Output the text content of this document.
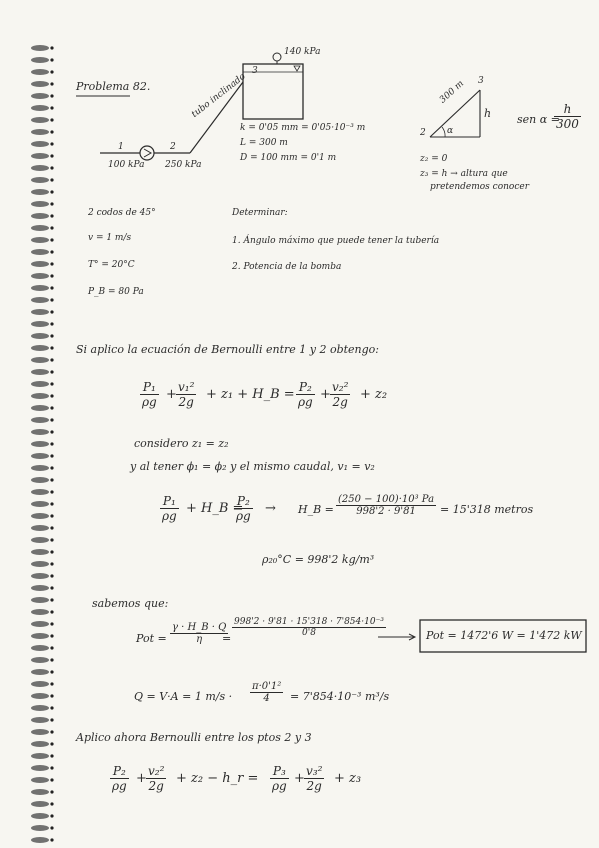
Problema 82.
140 kPa
3
1	2
100 kPa 250 kPa
tubo inclinado
k = 0'05 mm = 0'05·10⁻³ m
L = 300 m
D = 100 mm = 0'1 m
3
2
300 m
h
α
sen α =
$\frac{h}{300}$
z₂ = 0
z₃ = h → altura que
pretendemos conocer
2 codos de 45°
v = 1 m/s
T° = 20°C
P_B = 80 Pa
Determinar:
1. Ángulo máximo que puede tener la tubería
2. Potencia de la bomba
Si aplico la ecuación de Bernoulli entre 1 y 2 obtengo:
$\frac{\text{P₁}}{\rho g} + \frac{\text{v₁²}}{2g} + z_1$ + H_B = $\frac{\text{P₂}}{\rho g} + \frac{\text{v₂²}}{2g} + z_2$
considero z₁ = z₂
y al tener ϕ₁ = ϕ₂ y el mismo caudal, v₁ = v₂
$\frac{\text{P₁}}{\rho g}$ + H_B =
$\frac{\text{P₂}}{\rho g}$ → H_B = $\frac{\text{(250 − 100)·10³ Pa}}{998'2 \cdot 9'81} = 15'318$ metros
ρ₂₀°C = 998'2 kg/m³
sabemos que:
Pot = $\frac{\gamma \cdot H\_B \cdot Q}{\eta}$
=
$\frac{\text{998'2 · 9'81 · 15'318 · 7'854·10⁻³}}{0'8}$	Pot = 1472'6 W = 1'472 kW
Q = V·A = 1 $m/s \cdot \frac{\text{π·0'1²}}{4} = 7'854\cdot 10^{-3}$ m³/s
Aplico ahora Bernoulli entre los ptos 2 y 3
$\frac{\text{P₂}}{\rho g} + \frac{\text{v₂²}}{2g} + z_2$ − h_r = $\frac{\text{P₃}}{\rho g} + \frac{\text{v₃²}}{2g} + z_3$
